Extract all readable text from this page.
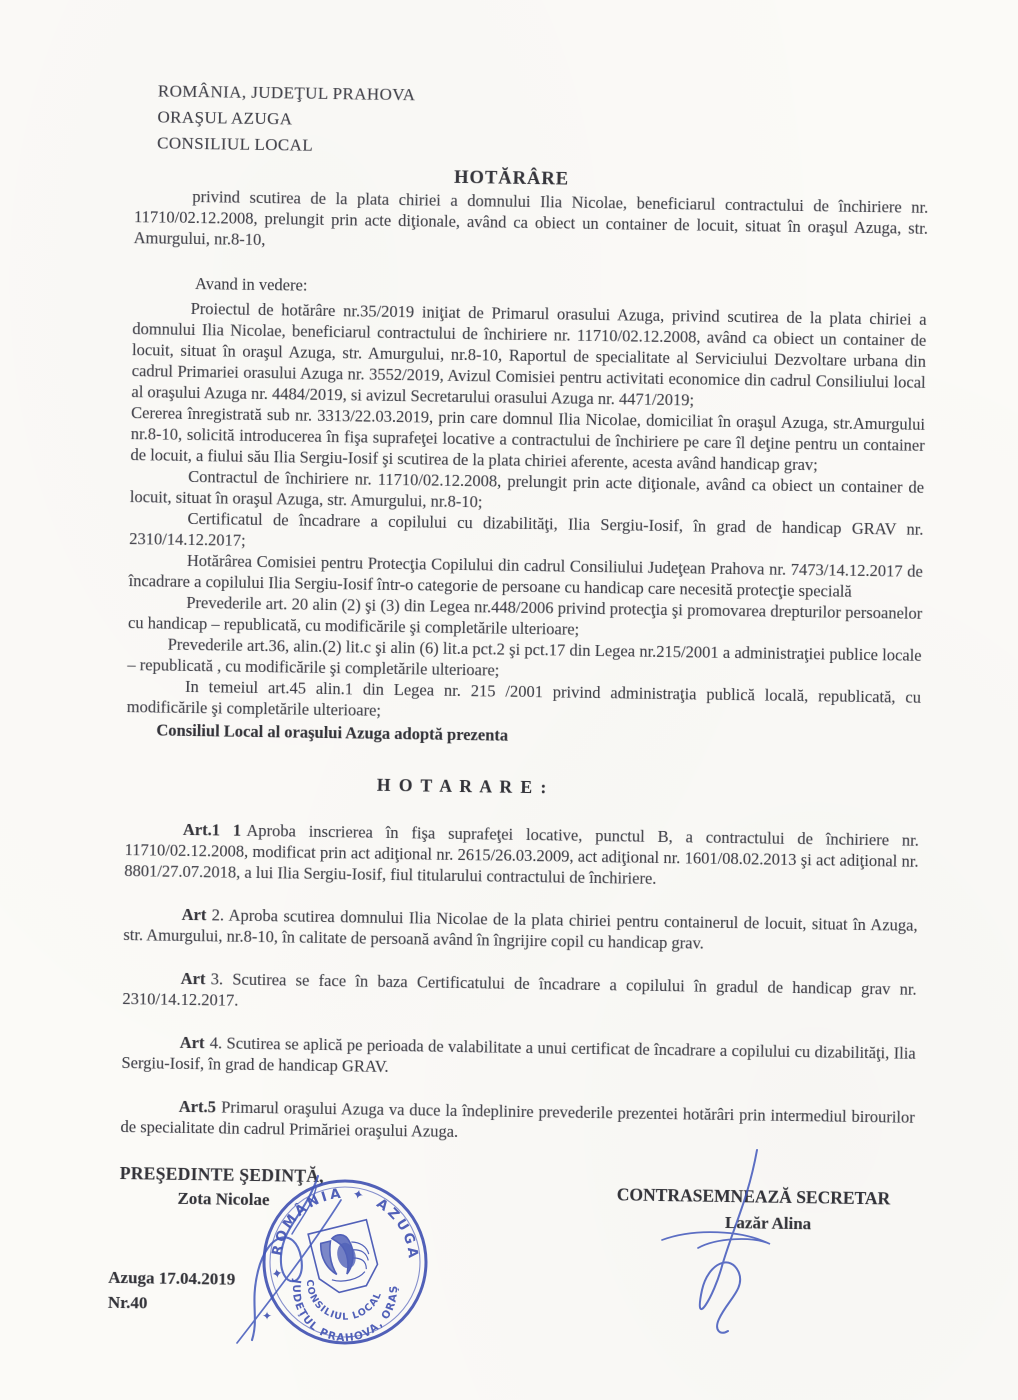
ROMÂNIA, JUDEŢUL PRAHOVA
ORAŞUL AZUGA
CONSILIUL LOCAL
HOTĂRÂRE

privind scutirea de la plata chiriei a domnului Ilia Nicolae, beneficiarul contractului de închiriere nr. 11710/02.12.2008, prelungit prin acte diţionale, având ca obiect un container de locuit, situat în oraşul Azuga, str. Amurgului, nr.8-10,

Avand in vedere:

Proiectul de hotărâre nr.35/2019 iniţiat de Primarul orasului Azuga, privind scutirea de la plata chiriei a domnului Ilia Nicolae, beneficiarul contractului de închiriere nr. 11710/02.12.2008, având ca obiect un container de locuit, situat în oraşul Azuga, str. Amurgului, nr.8-10, Raportul de specialitate al Serviciului Dezvoltare urbana din cadrul Primariei orasului Azuga nr. 3552/2019, Avizul Comisiei pentru activitati economice din cadrul Consiliului local al oraşului Azuga nr. 4484/2019, si avizul Secretarului orasului Azuga nr. 4471/2019;

Cererea înregistrată sub nr. 3313/22.03.2019, prin care domnul Ilia Nicolae, domiciliat în oraşul Azuga, str.Amurgului nr.8-10, solicită introducerea în fişa suprafeţei locative a contractului de închiriere pe care îl deţine pentru un container de locuit, a fiului său Ilia Sergiu-Iosif şi scutirea de la plata chiriei aferente, acesta având handicap grav;

Contractul de închiriere nr. 11710/02.12.2008, prelungit prin acte diţionale, având ca obiect un container de locuit, situat în oraşul Azuga, str. Amurgului, nr.8-10;

Certificatul de încadrare a copilului cu dizabilităţi, Ilia Sergiu-Iosif, în grad de handicap GRAV nr. 2310/14.12.2017;

Hotărârea Comisiei pentru Protecţia Copilului din cadrul Consiliului Judeţean Prahova nr. 7473/14.12.2017 de încadrare a copilului Ilia Sergiu-Iosif într-o categorie de persoane cu handicap care necesită protecţie specială

Prevederile art. 20 alin (2) şi (3) din Legea nr.448/2006 privind protecţia şi promovarea drepturilor persoanelor cu handicap – republicată, cu modificările şi completările ulterioare;

Prevederile art.36, alin.(2) lit.c şi alin (6) lit.a pct.2 şi pct.17 din Legea nr.215/2001 a administraţiei publice locale – republicată , cu modificările şi completările ulterioare;

In temeiul art.45 alin.1 din Legea nr. 215 /2001 privind administraţia publică locală, republicată, cu modificările şi completările ulterioare;

Consiliul Local al oraşului Azuga adoptă prezenta

H O T A R A R E :

Art.1 1 Aproba inscrierea în fişa suprafeţei locative, punctul B, a contractului de închiriere nr. 11710/02.12.2008, modificat prin act adiţional nr. 2615/26.03.2009, act adiţional nr. 1601/08.02.2013 şi act adiţional nr. 8801/27.07.2018, a lui Ilia Sergiu-Iosif, fiul titularului contractului de închiriere.

Art 2. Aproba scutirea domnului Ilia Nicolae de la plata chiriei pentru containerul de locuit, situat în Azuga, str. Amurgului, nr.8-10, în calitate de persoană având în îngrijire copil cu handicap grav.

Art 3. Scutirea se face în baza Certificatului de încadrare a copilului în gradul de handicap grav nr. 2310/14.12.2017.

Art 4. Scutirea se aplică pe perioada de valabilitate a unui certificat de încadrare a copilului cu dizabilităţi, Ilia Sergiu-Iosif, în grad de handicap GRAV.

Art.5 Primarul oraşului Azuga va duce la îndeplinire prevederile prezentei hotărâri prin intermediul birourilor de specialitate din cadrul Primăriei oraşului Azuga.

PREŞEDINTE ŞEDINŢĂ,
Zota Nicolae	CONTRASEMNEAZĂ SECRETAR
Lazăr Alina
Azuga 17.04.2019
Nr.40
✦ ROMÂNIA ✦
AZUGA
JUDEŢUL PRAHOVA, ORAŞ
CONSILIUL LOCAL
✦
